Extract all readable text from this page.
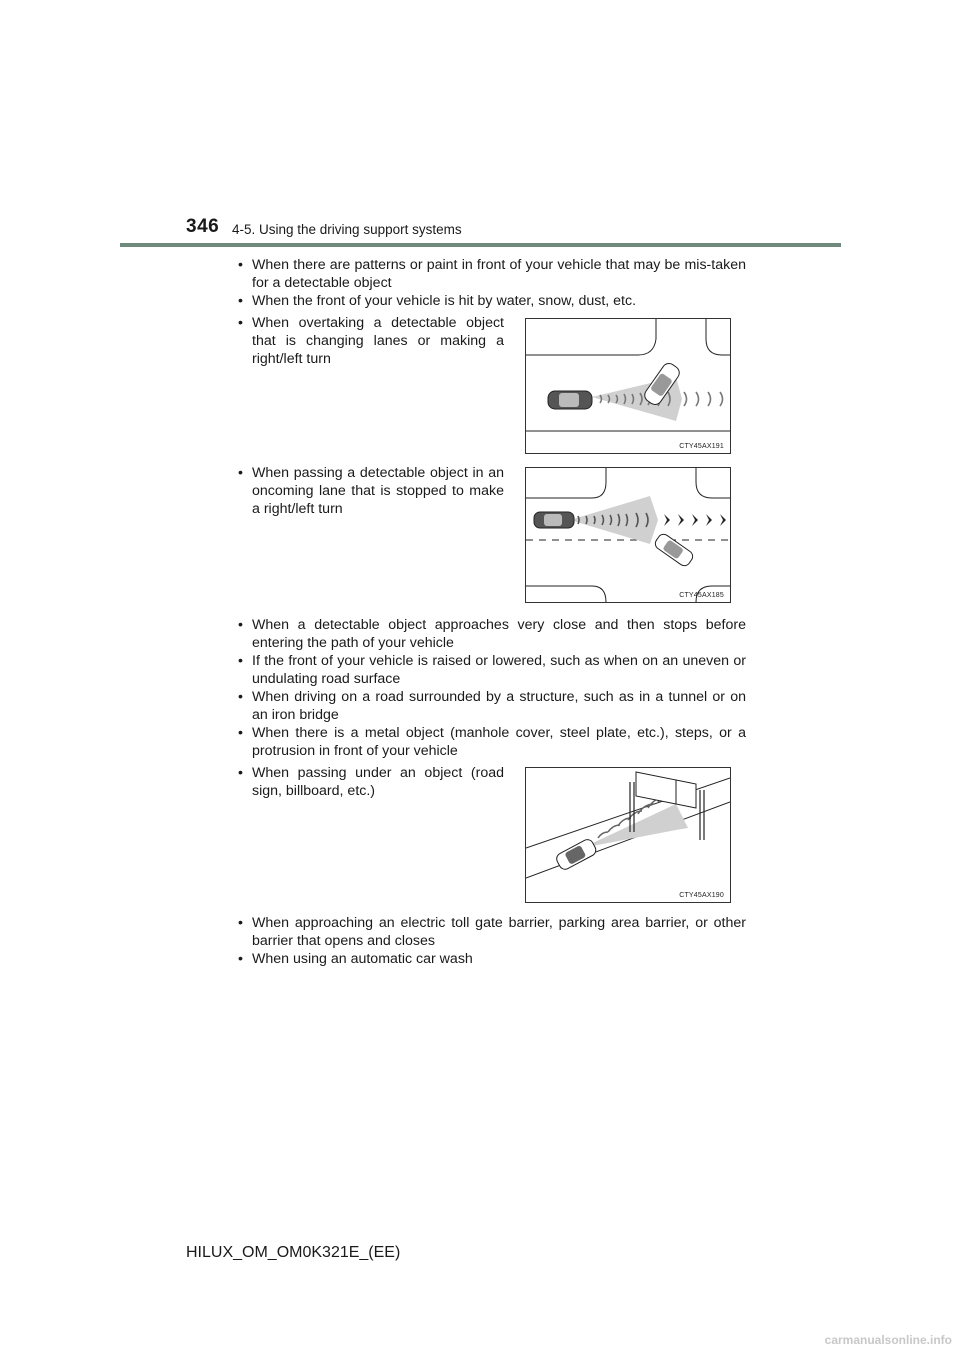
346 4-5. Using the driving support systems
• When there are patterns or paint in front of your vehicle that may be mis-taken for a detectable object
• When the front of your vehicle is hit by water, snow, dust, etc.
• When overtaking a detectable object that is changing lanes or making a right/left turn
CTY45AX191
• When passing a detectable object in an oncoming lane that is stopped to make a right/left turn
CTY45AX185
• When a detectable object approaches very close and then stops before entering the path of your vehicle
• If the front of your vehicle is raised or lowered, such as when on an uneven or undulating road surface
• When driving on a road surrounded by a structure, such as in a tunnel or on an iron bridge
• When there is a metal object (manhole cover, steel plate, etc.), steps, or a protrusion in front of your vehicle
• When passing under an object (road sign, billboard, etc.)
CTY45AX190
• When approaching an electric toll gate barrier, parking area barrier, or other barrier that opens and closes
• When using an automatic car wash
HILUX_OM_OM0K321E_(EE)
carmanualsonline.info
